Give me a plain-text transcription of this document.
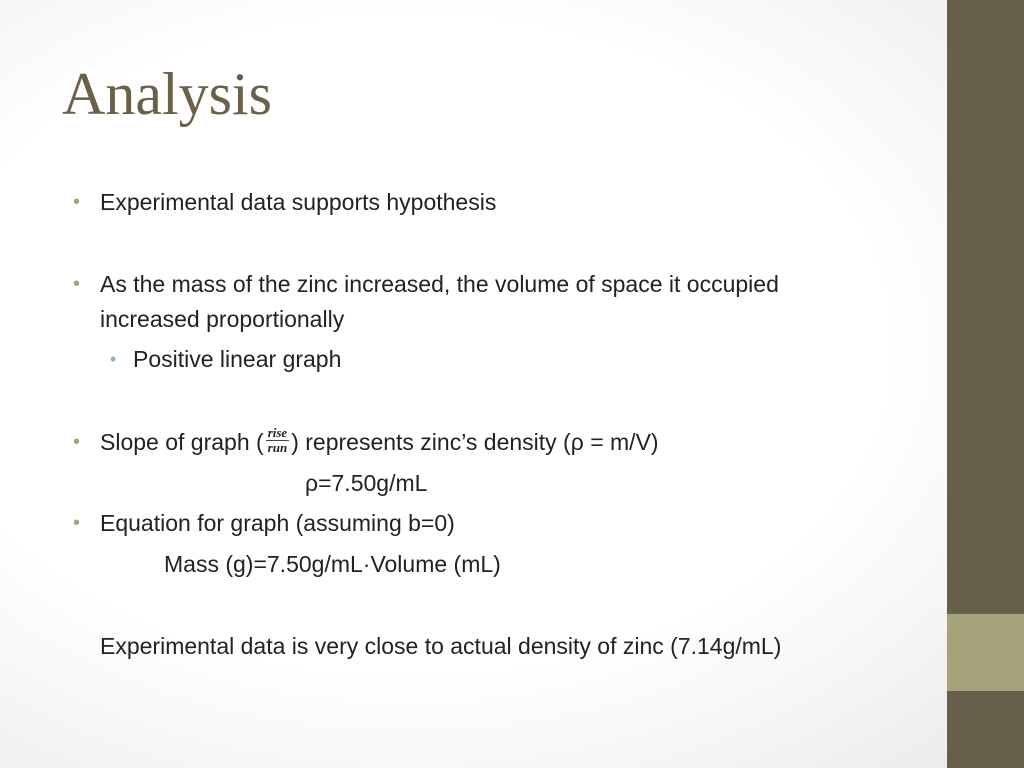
Analysis
• Experimental data supports hypothesis
• As the mass of the zinc increased, the volume of space it occupied
increased proportionally
• Positive linear graph
• Slope of graph ( $\frac{\text{rise}}{\text{run}}$ ) represents zinc’s density (ρ = m/V)
ρ=7.50g/mL
• Equation for graph (assuming b=0)
Mass (g)=7.50g/mL·Volume (mL)
Experimental data is very close to actual density of zinc (7.14g/mL)
